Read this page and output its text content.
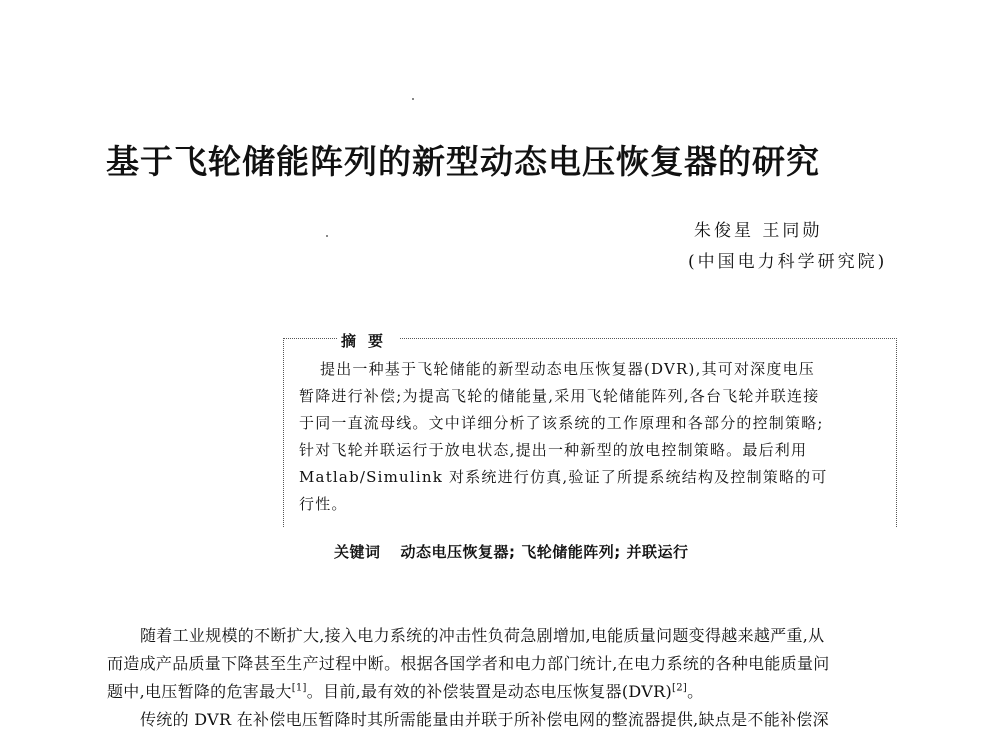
基于飞轮储能阵列的新型动态电压恢复器的研究
朱俊星 王同勋
(中国电力科学研究院)
摘要
提出一种基于飞轮储能的新型动态电压恢复器(DVR),其可对深度电压
暂降进行补偿;为提高飞轮的储能量,采用飞轮储能阵列,各台飞轮并联连接
于同一直流母线。文中详细分析了该系统的工作原理和各部分的控制策略;
针对飞轮并联运行于放电状态,提出一种新型的放电控制策略。最后利用
Matlab/Simulink 对系统进行仿真,验证了所提系统结构及控制策略的可
行性。
关键词 动态电压恢复器; 飞轮储能阵列; 并联运行
随着工业规模的不断扩大,接入电力系统的冲击性负荷急剧增加,电能质量问题变得越来越严重,从
而造成产品质量下降甚至生产过程中断。根据各国学者和电力部门统计,在电力系统的各种电能质量问
题中,电压暂降的危害最大[1]。目前,最有效的补偿装置是动态电压恢复器(DVR)[2]。
传统的 DVR 在补偿电压暂降时其所需能量由并联于所补偿电网的整流器提供,缺点是不能补偿深
